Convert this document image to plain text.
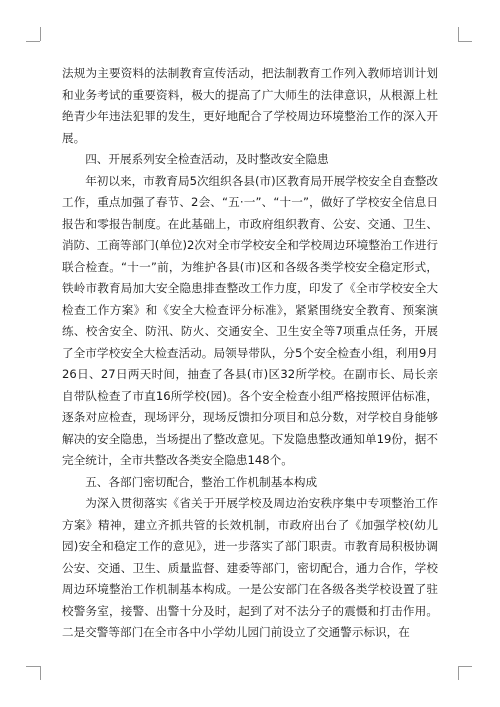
法规为主要资料的法制教育宣传活动，把法制教育工作列入教师培训计划和业务考试的重要资料，极大的提高了广大师生的法律意识，从根源上杜绝青少年违法犯罪的发生，更好地配合了学校周边环境整治工作的深入开展。

四、开展系列安全检查活动，及时整改安全隐患

年初以来，市教育局5次组织各县(市)区教育局开展学校安全自查整改工作，重点加强了春节、2会、“五·一”、“十一”，做好了学校安全信息日报告和零报告制度。在此基础上，市政府组织教育、公安、交通、卫生、消防、工商等部门(单位)2次对全市学校安全和学校周边环境整治工作进行联合检查。“十一”前，为维护各县(市)区和各级各类学校安全稳定形式，铁岭市教育局加大安全隐患排查整改工作力度，印发了《全市学校安全大检查工作方案》和《安全大检查评分标准》，紧紧围绕安全教育、预案演练、校舍安全、防汛、防火、交通安全、卫生安全等7项重点任务，开展了全市学校安全大检查活动。局领导带队，分5个安全检查小组，利用9月26日、27日两天时间，抽查了各县(市)区32所学校。在副市长、局长亲自带队检查了市直16所学校(园)。各个安全检查小组严格按照评估标准，逐条对应检查，现场评分，现场反馈扣分项目和总分数，对学校自身能够解决的安全隐患，当场提出了整改意见。下发隐患整改通知单19份，据不完全统计，全市共整改各类安全隐患148个。

五、各部门密切配合，整治工作机制基本构成

为深入贯彻落实《省关于开展学校及周边治安秩序集中专项整治工作方案》精神，建立齐抓共管的长效机制，市政府出台了《加强学校(幼儿园)安全和稳定工作的意见》，进一步落实了部门职责。市教育局积极协调公安、交通、卫生、质量监督、建委等部门，密切配合，通力合作，学校周边环境整治工作机制基本构成。一是公安部门在各级各类学校设置了驻校警务室，接警、出警十分及时，起到了对不法分子的震慑和打击作用。二是交警等部门在全市各中小学幼儿园门前设立了交通警示标识，在
